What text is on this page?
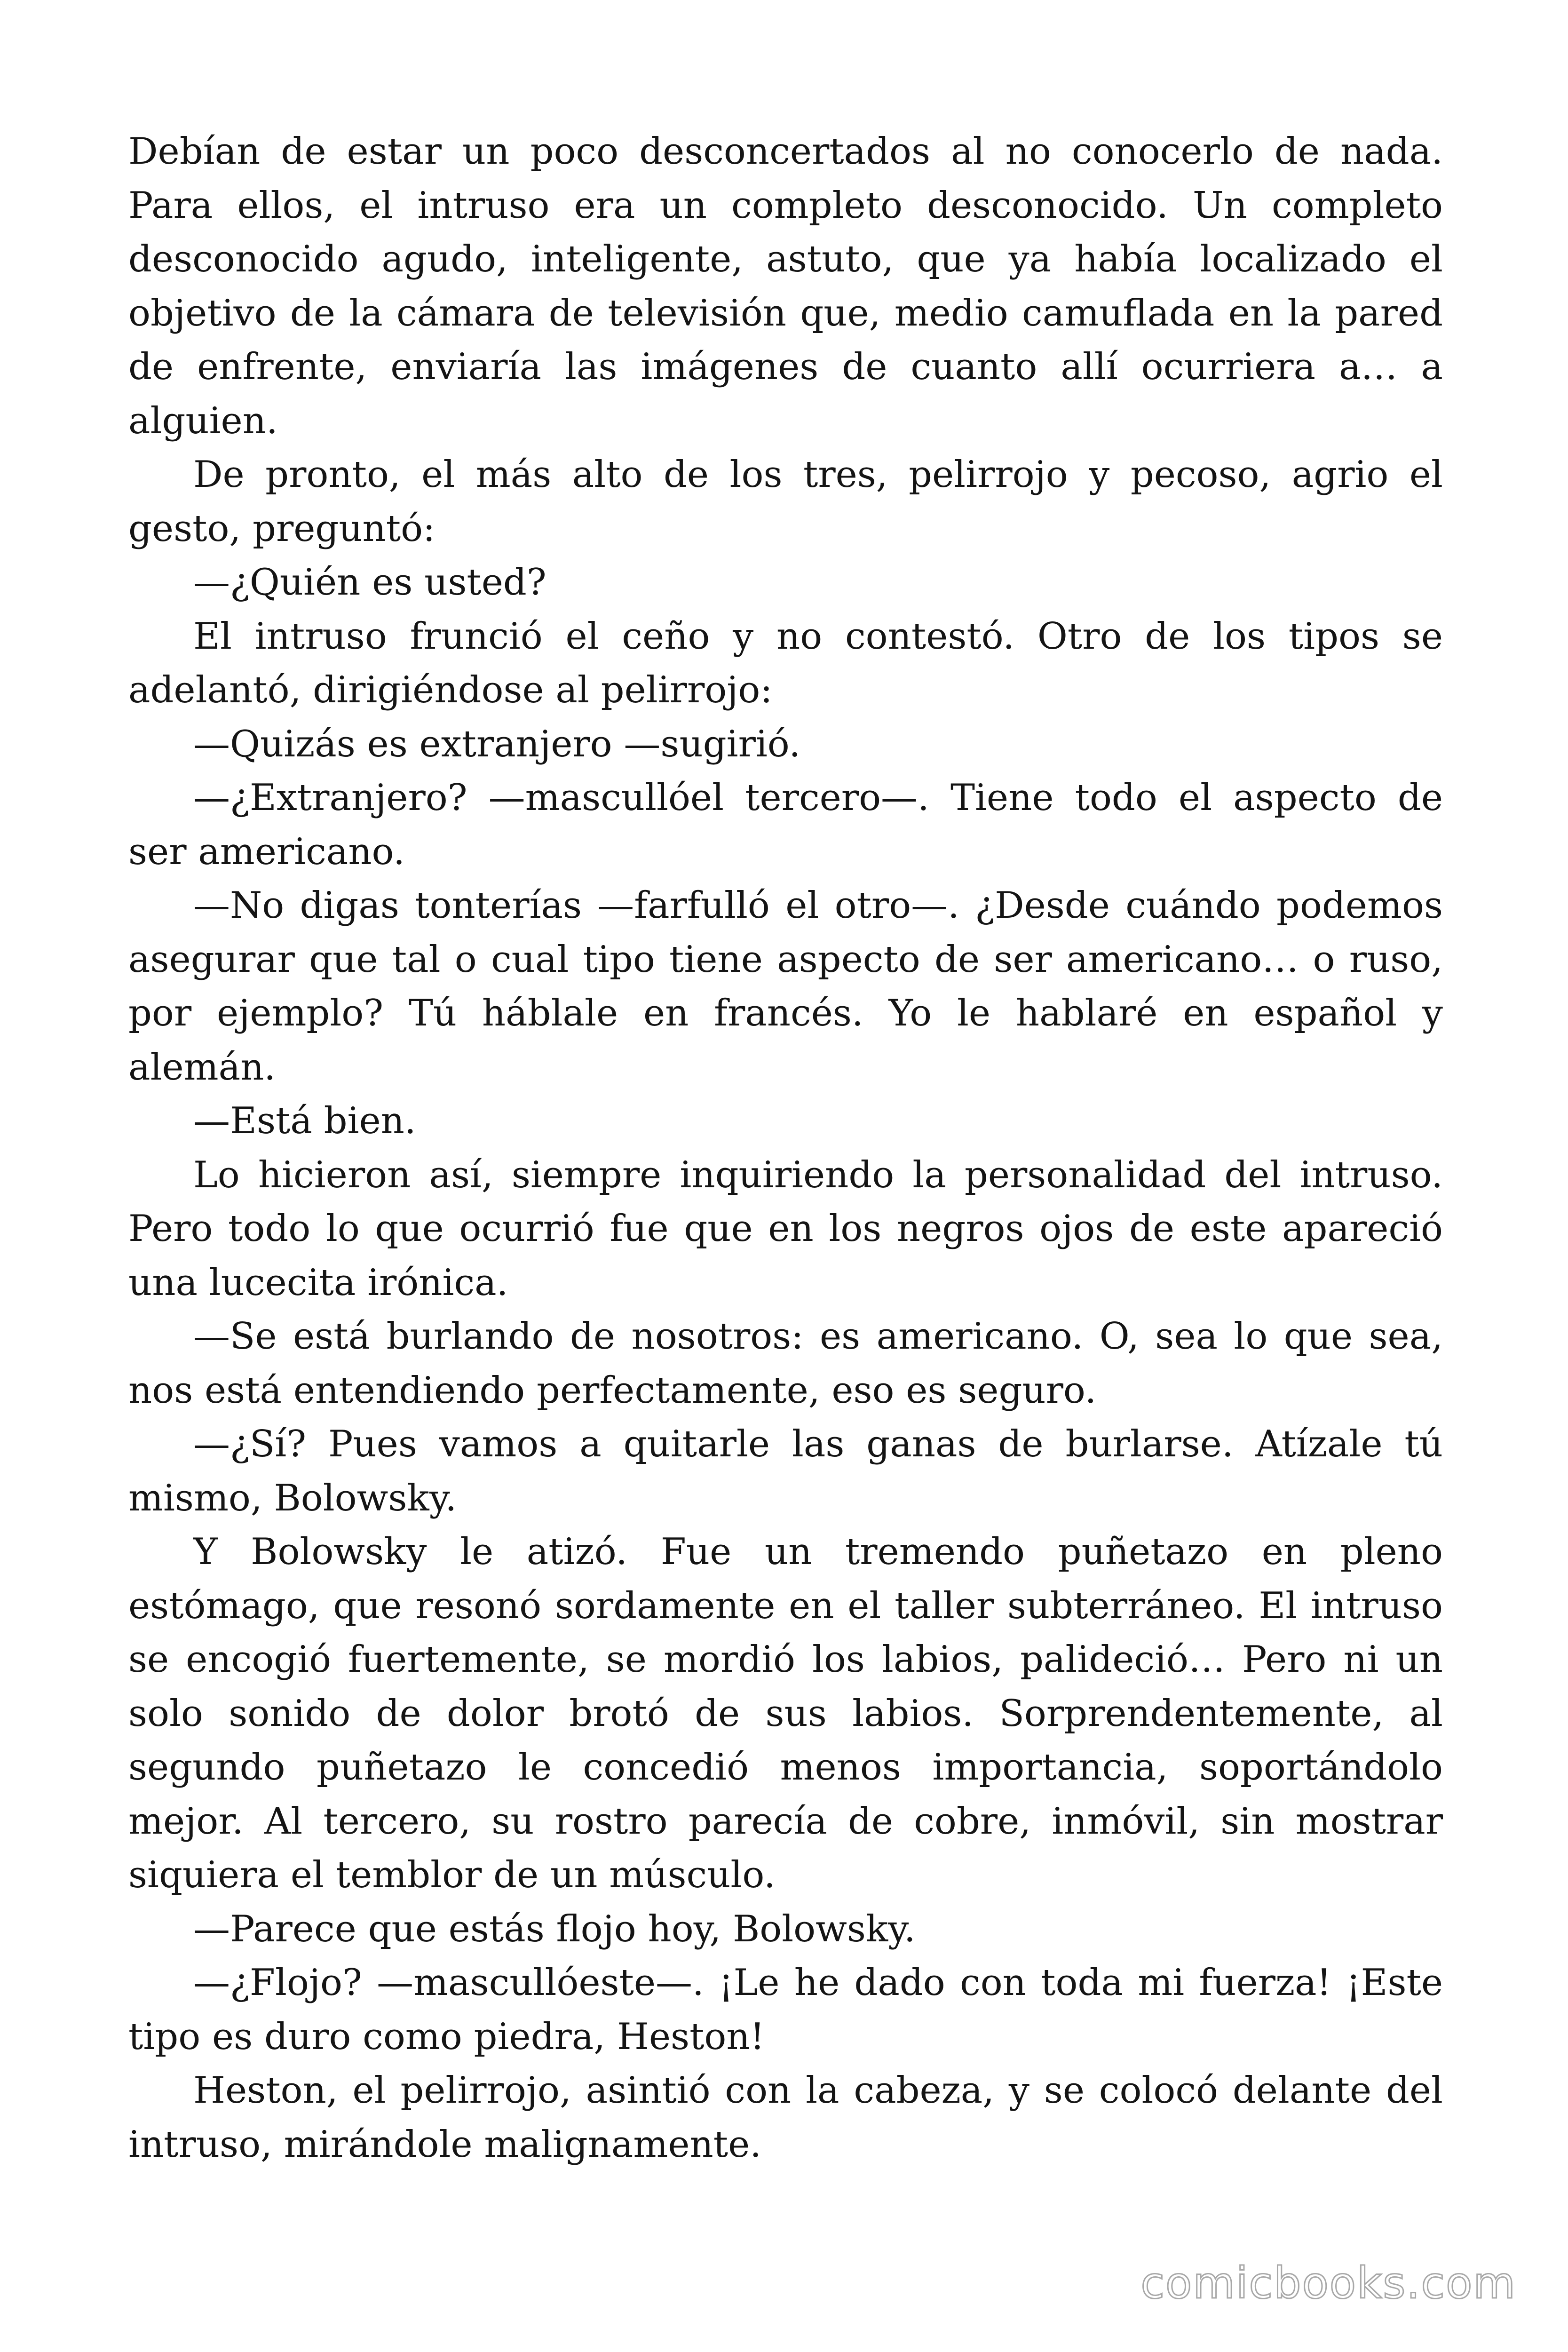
Debían de estar un poco desconcertados al no conocerlo de nada. Para ellos, el intruso era un completo desconocido. Un completo desconocido agudo, inteligente, astuto, que ya había localizado el objetivo de la cámara de televisión que, medio camuflada en la pared de enfrente, enviaría las imágenes de cuanto allí ocurriera a… a alguien.

De pronto, el más alto de los tres, pelirrojo y pecoso, agrio el gesto, preguntó:

—¿Quién es usted?

El intruso frunció el ceño y no contestó. Otro de los tipos se adelantó, dirigiéndose al pelirrojo:

—Quizás es extranjero —sugirió.

—¿Extranjero? —mascullóel tercero—. Tiene todo el aspecto de ser americano.

—No digas tonterías —farfulló el otro—. ¿Desde cuándo podemos asegurar que tal o cual tipo tiene aspecto de ser americano… o ruso, por ejemplo? Tú háblale en francés. Yo le hablaré en español y alemán.

—Está bien.

Lo hicieron así, siempre inquiriendo la personalidad del intruso. Pero todo lo que ocurrió fue que en los negros ojos de este apareció una lucecita irónica.

—Se está burlando de nosotros: es americano. O, sea lo que sea, nos está entendiendo perfectamente, eso es seguro.

—¿Sí? Pues vamos a quitarle las ganas de burlarse. Atízale tú mismo, Bolowsky.

Y Bolowsky le atizó. Fue un tremendo puñetazo en pleno estómago, que resonó sordamente en el taller subterráneo. El intruso se encogió fuertemente, se mordió los labios, palideció… Pero ni un solo sonido de dolor brotó de sus labios. Sorprendentemente, al segundo puñetazo le concedió menos importancia, soportándolo mejor. Al tercero, su rostro parecía de cobre, inmóvil, sin mostrar siquiera el temblor de un músculo.

—Parece que estás flojo hoy, Bolowsky.

—¿Flojo? —mascullóeste—. ¡Le he dado con toda mi fuerza! ¡Este tipo es duro como piedra, Heston!

Heston, el pelirrojo, asintió con la cabeza, y se colocó delante del intruso, mirándole malignamente.

comicbooks.com
